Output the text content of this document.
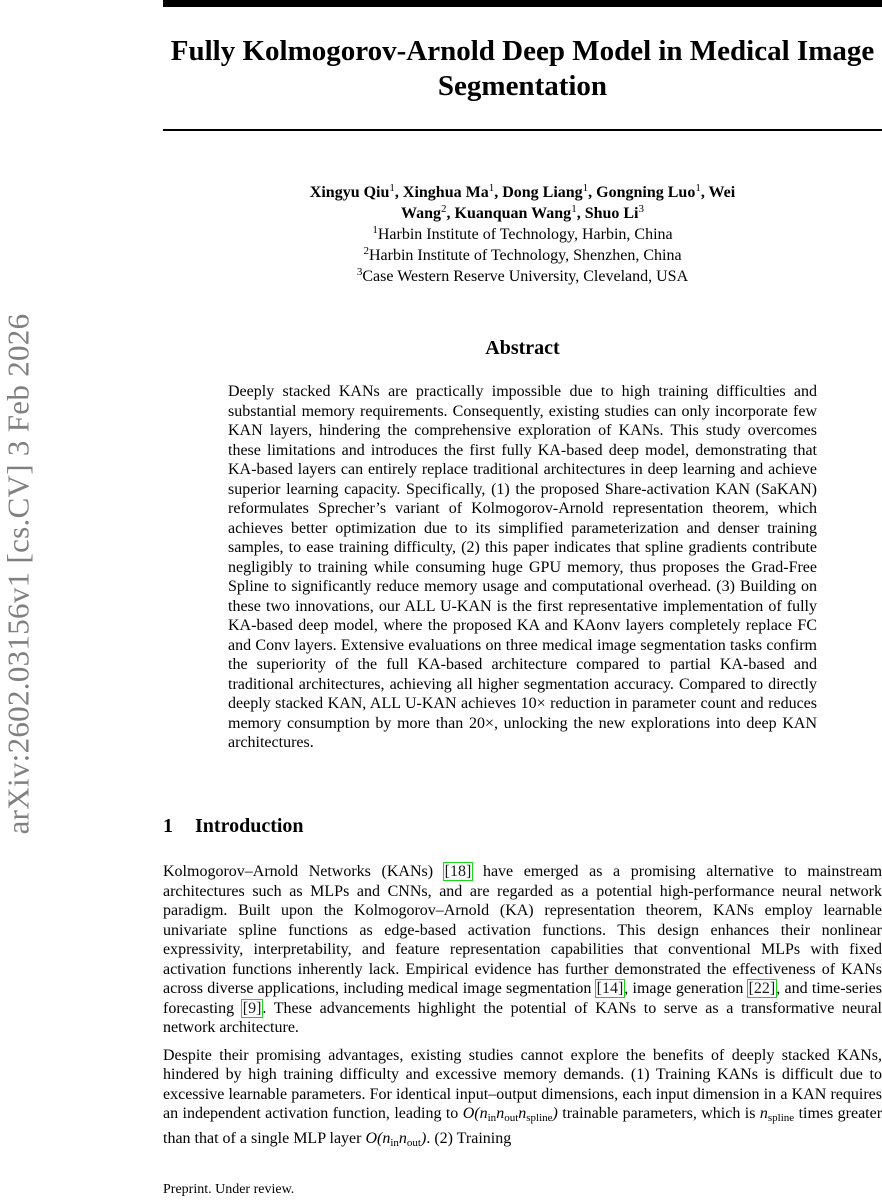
arXiv:2602.03156v1 [cs.CV] 3 Feb 2026
Fully Kolmogorov-Arnold Deep Model in Medical Image Segmentation
Xingyu Qiu$^1$, Xinghua Ma$^1$, Dong Liang$^1$, Gongning Luo$^1$, Wei Wang$^2$, Kuanquan Wang$^1$, Shuo Li$^3$
$^1$Harbin Institute of Technology, Harbin, China
$^2$Harbin Institute of Technology, Shenzhen, China
$^3$Case Western Reserve University, Cleveland, USA
Abstract
Deeply stacked KANs are practically impossible due to high training difficulties and substantial memory requirements. Consequently, existing studies can only incorporate few KAN layers, hindering the comprehensive exploration of KANs. This study overcomes these limitations and introduces the first fully KA-based deep model, demonstrating that KA-based layers can entirely replace traditional architectures in deep learning and achieve superior learning capacity. Specifically, (1) the proposed Share-activation KAN (SaKAN) reformulates Sprecher’s variant of Kolmogorov-Arnold representation theorem, which achieves better optimization due to its simplified parameterization and denser training samples, to ease training difficulty, (2) this paper indicates that spline gradients contribute negligibly to training while consuming huge GPU memory, thus proposes the Grad-Free Spline to significantly reduce memory usage and computational overhead. (3) Building on these two innovations, our ALL U-KAN is the first representative implementation of fully KA-based deep model, where the proposed KA and KAonv layers completely replace FC and Conv layers. Extensive evaluations on three medical image segmentation tasks confirm the superiority of the full KA-based architecture compared to partial KA-based and traditional architectures, achieving all higher segmentation accuracy. Compared to directly deeply stacked KAN, ALL U-KAN achieves 10× reduction in parameter count and reduces memory consumption by more than 20×, unlocking the new explorations into deep KAN architectures.
1 Introduction

Kolmogorov–Arnold Networks (KANs) [18] have emerged as a promising alternative to mainstream architectures such as MLPs and CNNs, and are regarded as a potential high-performance neural network paradigm. Built upon the Kolmogorov–Arnold (KA) representation theorem, KANs employ learnable univariate spline functions as edge-based activation functions. This design enhances their nonlinear expressivity, interpretability, and feature representation capabilities that conventional MLPs with fixed activation functions inherently lack. Empirical evidence has further demonstrated the effectiveness of KANs across diverse applications, including medical image segmentation [14], image generation [22], and time-series forecasting [9]. These advancements highlight the potential of KANs to serve as a transformative neural network architecture.

Despite their promising advantages, existing studies cannot explore the benefits of deeply stacked KANs, hindered by high training difficulty and excessive memory demands. (1) Training KANs is difficult due to excessive learnable parameters. For identical input–output dimensions, each input dimension in a KAN requires an independent activation function, leading to $O(n_{in}n_{out}n_{spline})$ trainable parameters, which is $n_{spline}$ times greater than that of a single MLP layer $O(n_{in}n_{out})$. (2) Training

Preprint. Under review.
